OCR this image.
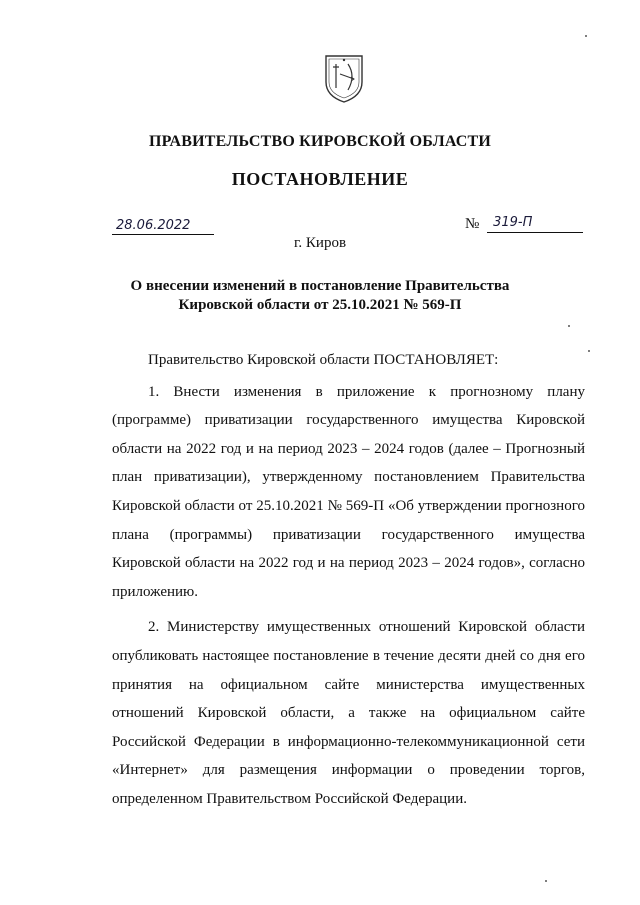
ПРАВИТЕЛЬСТВО КИРОВСКОЙ ОБЛАСТИ
ПОСТАНОВЛЕНИЕ
28.06.2022	№ 319-П
г. Киров
О внесении изменений в постановление Правительства Кировской области от 25.10.2021 № 569-П

Правительство Кировской области ПОСТАНОВЛЯЕТ:

1. Внести изменения в приложение к прогнозному плану (программе) приватизации государственного имущества Кировской области на 2022 год и на период 2023 – 2024 годов (далее – Прогнозный план приватизации), утвержденному постановлением Правительства Кировской области от 25.10.2021 № 569-П «Об утверждении прогнозного плана (программы) приватизации государственного имущества Кировской области на 2022 год и на период 2023 – 2024 годов», согласно приложению.

2. Министерству имущественных отношений Кировской области опубликовать настоящее постановление в течение десяти дней со дня его принятия на официальном сайте министерства имущественных отношений Кировской области, а также на официальном сайте Российской Федерации в информационно-телекоммуникационной сети «Интернет» для размещения информации о проведении торгов, определенном Правительством Российской Федерации.
